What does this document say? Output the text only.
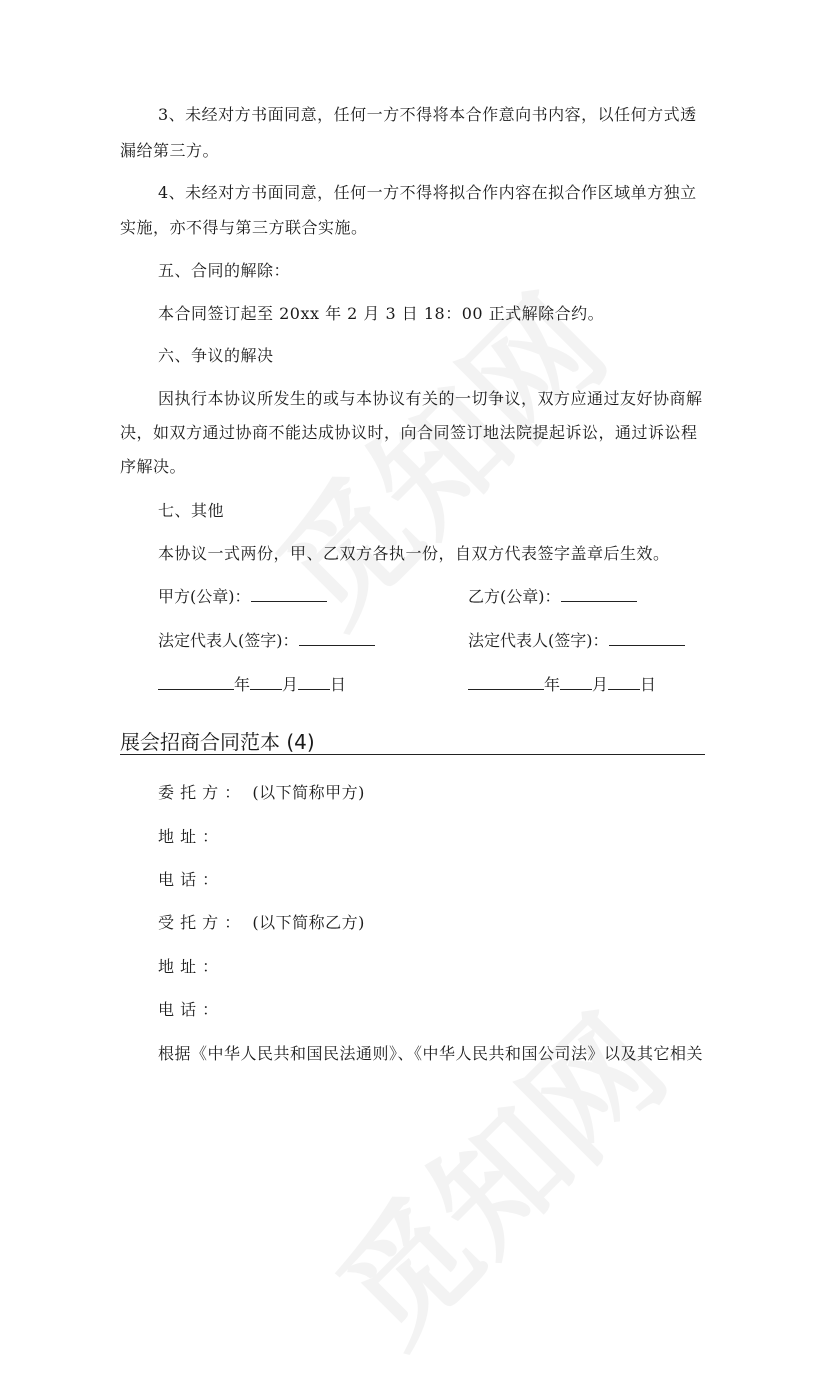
3、未经对方书面同意，任何一方不得将本合作意向书内容，以任何方式透
漏给第三方。
4、未经对方书面同意，任何一方不得将拟合作内容在拟合作区域单方独立
实施，亦不得与第三方联合实施。
五、合同的解除：
本合同签订起至 20xx 年 2 月 3 日 18：00 正式解除合约。
六、争议的解决
因执行本协议所发生的或与本协议有关的一切争议，双方应通过友好协商解
决，如双方通过协商不能达成协议时，向合同签订地法院提起诉讼，通过诉讼程
序解决。
七、其他
本协议一式两份，甲、乙双方各执一份，自双方代表签字盖章后生效。
甲方(公章)：	乙方(公章)：
法定代表人(签字)：	法定代表人(签字)：
年 月 日	年 月 日
展会招商合同范本 (4)
委 托 方 ： (以下简称甲方)
地 址 ：
电 话 ：
受 托 方 ： (以下简称乙方)
地 址 ：
电 话 ：
根据《中华人民共和国民法通则》、《中华人民共和国公司法》以及其它相关
